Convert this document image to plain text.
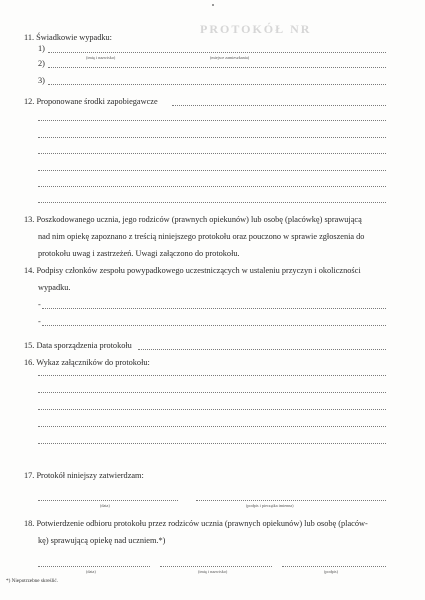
PROTOKÓŁ NR
11. Świadkowie wypadku:
1)
(imię i nazwisko)	(miejsce zamieszkania)
2)
3)
12. Proponowane środki zapobiegawcze
13. Poszkodowanego ucznia, jego rodziców (prawnych opiekunów) lub osobę (placówkę) sprawującą
nad nim opiekę zapoznano z treścią niniejszego protokołu oraz pouczono w sprawie zgłoszenia do
protokołu uwag i zastrzeżeń. Uwagi załączono do protokołu.
14. Podpisy członków zespołu powypadkowego uczestniczących w ustaleniu przyczyn i okoliczności
wypadku.
-
-
15. Data sporządzenia protokołu
16. Wykaz załączników do protokołu:
17. Protokół niniejszy zatwierdzam:
(data)	(podpis i pieczątka imienna)
18. Potwierdzenie odbioru protokołu przez rodziców ucznia (prawnych opiekunów) lub osobę (placów-
kę) sprawującą opiekę nad uczniem.*)
(data)	(imię i nazwisko)	(podpis)
*) Niepotrzebne skreślić.
